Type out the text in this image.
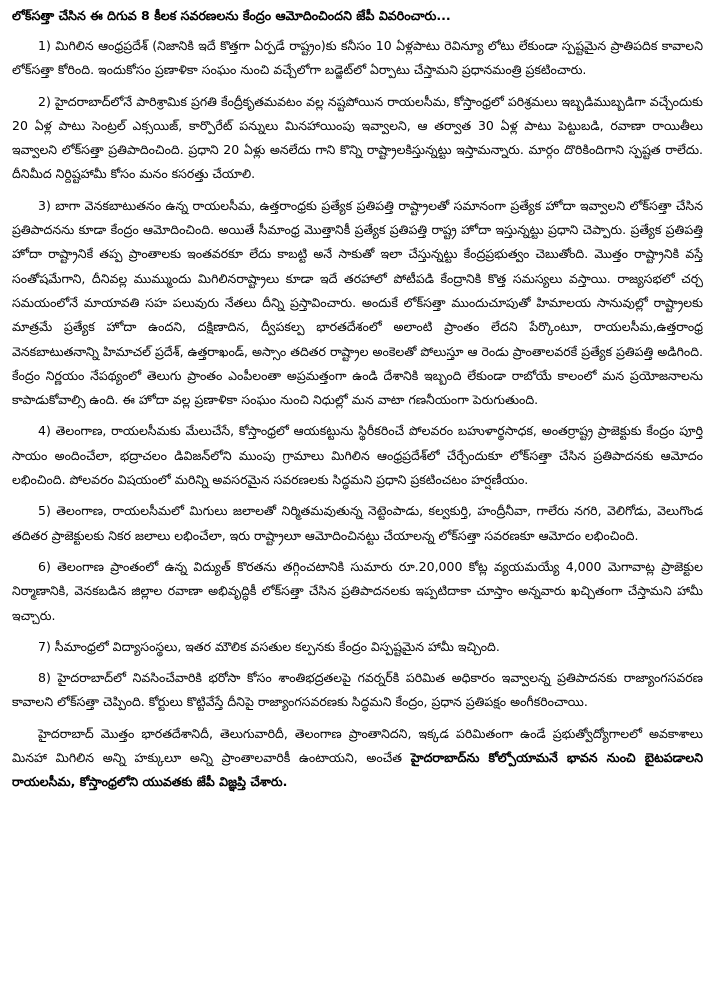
లోక్‌సత్తా చేసిన ఈ దిగువ 8 కీలక సవరణలను కేంద్రం ఆమోదించిందని జేపీ వివరించారు...

1) మిగిలిన ఆంధ్రప్రదేశ్ (నిజానికి ఇదే కొత్తగా ఏర్పడే రాష్ట్రం)కు కనీసం 10 ఏళ్లపాటు రెవిన్యూ లోటు లేకుండా స్పష్టమైన ప్రాతిపదిక కావాలని లోక్‌సత్తా కోరింది. ఇందుకోసం ప్రణాళికా సంఘం నుంచి వచ్చేలోగా బడ్జెట్‌లో ఏర్పాటు చేస్తామని ప్రధానమంత్రి ప్రకటించారు.

2) హైదరాబాద్‌లోనే పారిశ్రామిక ప్రగతి కేంద్రీకృతమవటం వల్ల నష్టపోయిన రాయలసీమ, కోస్తాంధ్రలో పరిశ్రమలు ఇబ్బడిముబ్బడిగా వచ్చేందుకు 20 ఏళ్ల పాటు సెంట్రల్ ఎక్సయిజ్, కార్పొరేట్ పన్నులు మినహాయింపు ఇవ్వాలని, ఆ తర్వాత 30 ఏళ్ల పాటు పెట్టుబడి, రవాణా రాయితీలు ఇవ్వాలని లోక్‌సత్తా ప్రతిపాదించింది. ప్రధాని 20 ఏళ్లు అనలేదు గాని కొన్ని రాష్ట్రాలకిస్తున్నట్టు ఇస్తామన్నారు. మార్గం దొరికిందిగాని స్పష్టత రాలేదు. దీనిమీద నిర్దిష్టహామీ కోసం మనం కసరత్తు చేయాలి.

3) బాగా వెనకబాటుతనం ఉన్న రాయలసీమ, ఉత్తరాంధ్రకు ప్రత్యేక ప్రతిపత్తి రాష్ట్రాలతో సమానంగా ప్రత్యేక హోదా ఇవ్వాలని లోక్‌సత్తా చేసిన ప్రతిపాదనను కూడా కేంద్రం ఆమోదించింది. అయితే సీమాంధ్ర మొత్తానికీ ప్రత్యేక ప్రతిపత్తి రాష్ట్ర హోదా ఇస్తున్నట్టు ప్రధాని చెప్పారు. ప్రత్యేక ప్రతిపత్తి హోదా రాష్ట్రానికే తప్ప ప్రాంతాలకు ఇంతవరకూ లేదు కాబట్టి అనే సాకుతో ఇలా చేస్తున్నట్టు కేంద్రప్రభుత్వం చెబుతోంది. మొత్తం రాష్ట్రానికి వస్తే సంతోషమేగాని, దీనివల్ల ముమ్ముందు మిగిలినరాష్ట్రాలు కూడా ఇదే తరహాలో పోటీపడి కేంద్రానికి కొత్త సమస్యలు వస్తాయి. రాజ్యసభలో చర్చ సమయంలోనే మాయావతి సహ పలువురు నేతలు దీన్ని ప్రస్తావించారు. అందుకే లోక్‌సత్తా ముందుచూపుతో హిమాలయ సానువుల్లో రాష్ట్రాలకు మాత్రమే ప్రత్యేక హోదా ఉందని, దక్షిణాదిన, ద్వీపకల్ప భారతదేశంలో అలాంటి ప్రాంతం లేదని పేర్కొంటూ, రాయలసీమ,ఉత్తరాంధ్ర వెనకబాటుతనాన్ని హిమాచల్ ప్రదేశ్, ఉత్తరాఖండ్, అస్సాం తదితర రాష్ట్రాల అంకెలతో పోలుస్తూ ఆ రెండు ప్రాంతాలవరకే ప్రత్యేక ప్రతిపత్తి అడిగింది. కేంద్రం నిర్ణయం నేపథ్యంలో తెలుగు ప్రాంతం ఎంపీలంతా అప్రమత్తంగా ఉండి దేశానికి ఇబ్బంది లేకుండా రాబోయే కాలంలో మన ప్రయోజనాలను కాపాడుకోవాల్సి ఉంది. ఈ హోదా వల్ల ప్రణాళికా సంఘం నుంచి నిధుల్లో మన వాటా గణనీయంగా పెరుగుతుంది.

4) తెలంగాణ, రాయలసీమకు మేలుచేసే, కోస్తాంధ్రలో ఆయకట్టును స్థిరీకరించే పోలవరం బహుళార్థసాధక, అంతర్రాష్ట్ర ప్రాజెక్టుకు కేంద్రం పూర్తి సాయం అందించేలా, భద్రాచలం డివిజన్‌లోని ముంపు గ్రామాలు మిగిలిన ఆంధ్రప్రదేశ్‌లో చేర్చేందుకూ లోక్‌సత్తా చేసిన ప్రతిపాదనకు ఆమోదం లభించింది. పోలవరం విషయంలో మరిన్ని అవసరమైన సవరణలకు సిద్ధమని ప్రధాని ప్రకటించటం హర్షణీయం.

5) తెలంగాణ, రాయలసీమలో మిగులు జలాలతో నిర్మితమవుతున్న నెట్టెంపాడు, కల్వకుర్తి, హంద్రీనీవా, గాలేరు నగరి, వెలిగోడు, వెలుగొండ తదితర ప్రాజెక్టులకు నికర జలాలు లభించేలా, ఇరు రాష్ట్రాలూ ఆమోదించినట్టు చేయాలన్న లోక్‌సత్తా సవరణకూ ఆమోదం లభించింది.

6) తెలంగాణ ప్రాంతంలో ఉన్న విద్యుత్ కొరతను తగ్గించటానికి సుమారు రూ.20,000 కోట్ల వ్యయమయ్యే 4,000 మెగావాట్ల ప్రాజెక్టుల నిర్మాణానికి, వెనకబడిన జిల్లాల రవాణా అభివృద్ధికీ లోక్‌సత్తా చేసిన ప్రతిపాదనలకు ఇప్పటిదాకా చూస్తాం అన్నవారు ఖచ్చితంగా చేస్తామని హామీ ఇచ్చారు.

7) సీమాంధ్రలో విద్యాసంస్థలు, ఇతర మౌలిక వసతుల కల్పనకు కేంద్రం విస్పష్టమైన హామీ ఇచ్చింది.

8) హైదరాబాద్‌లో నివసించేవారికి భరోసా కోసం శాంతిభద్రతలపై గవర్నర్‌కి పరిమిత అధికారం ఇవ్వాలన్న ప్రతిపాదనకు రాజ్యాంగసవరణ కావాలని లోక్‌సత్తా చెప్పింది. కోర్టులు కొట్టివేస్తే దీనిపై రాజ్యాంగసవరణకు సిద్ధమని కేంద్రం, ప్రధాన ప్రతిపక్షం అంగీకరించాయి.

హైదరాబాద్ మొత్తం భారతదేశానిదీ, తెలుగువారిదీ, తెలంగాణ ప్రాంతానిదని, ఇక్కడ పరిమితంగా ఉండే ప్రభుత్వోద్యోగాలలో అవకాశాలు మినహా మిగిలిన అన్ని హక్కులూ అన్ని ప్రాంతాలవారికీ ఉంటాయని, అంచేత హైదరాబాద్‌ను కోల్పోయామనే భావన నుంచి బైటపడాలని రాయలసీమ, కోస్తాంధ్రలోని యువతకు జేపీ విజ్ఞప్తి చేశారు.
